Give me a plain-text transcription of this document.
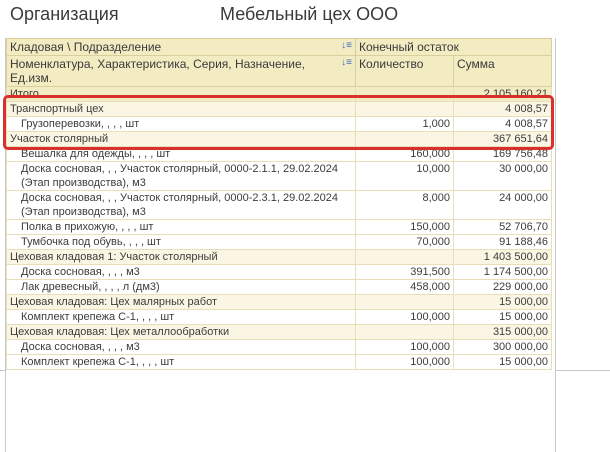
Организация	Мебельный цех ООО
Кладовая \ Подразделение ↓≡	Конечный остаток	

↓≡
Номенклатура, Характеристика, Серия, Назначение, Ед.изм.	Количество	Сумма
Итого		2 105 160,21
Транспортный цех		4 008,57
Грузоперевозки, , , , шт	1,000	4 008,57
Участок столярный		367 651,64
Вешалка для одежды, , , , шт	160,000	169 756,48
Доска сосновая, , , Участок столярный, 0000-2.1.1, 29.02.2024 (Этап производства), м3	10,000	30 000,00
Доска сосновая, , , Участок столярный, 0000-2.3.1, 29.02.2024 (Этап производства), м3	8,000	24 000,00
Полка в прихожую, , , , шт	150,000	52 706,70
Тумбочка под обувь, , , , шт	70,000	91 188,46
Цеховая кладовая 1: Участок столярный		1 403 500,00
Доска сосновая, , , , м3	391,500	1 174 500,00
Лак древесный, , , , л (дм3)	458,000	229 000,00
Цеховая кладовая: Цех малярных работ		15 000,00
Комплект крепежа С-1, , , , шт	100,000	15 000,00
Цеховая кладовая: Цех металлообработки		315 000,00
Доска сосновая, , , , м3	100,000	300 000,00
Комплект крепежа С-1, , , , шт	100,000	15 000,00
